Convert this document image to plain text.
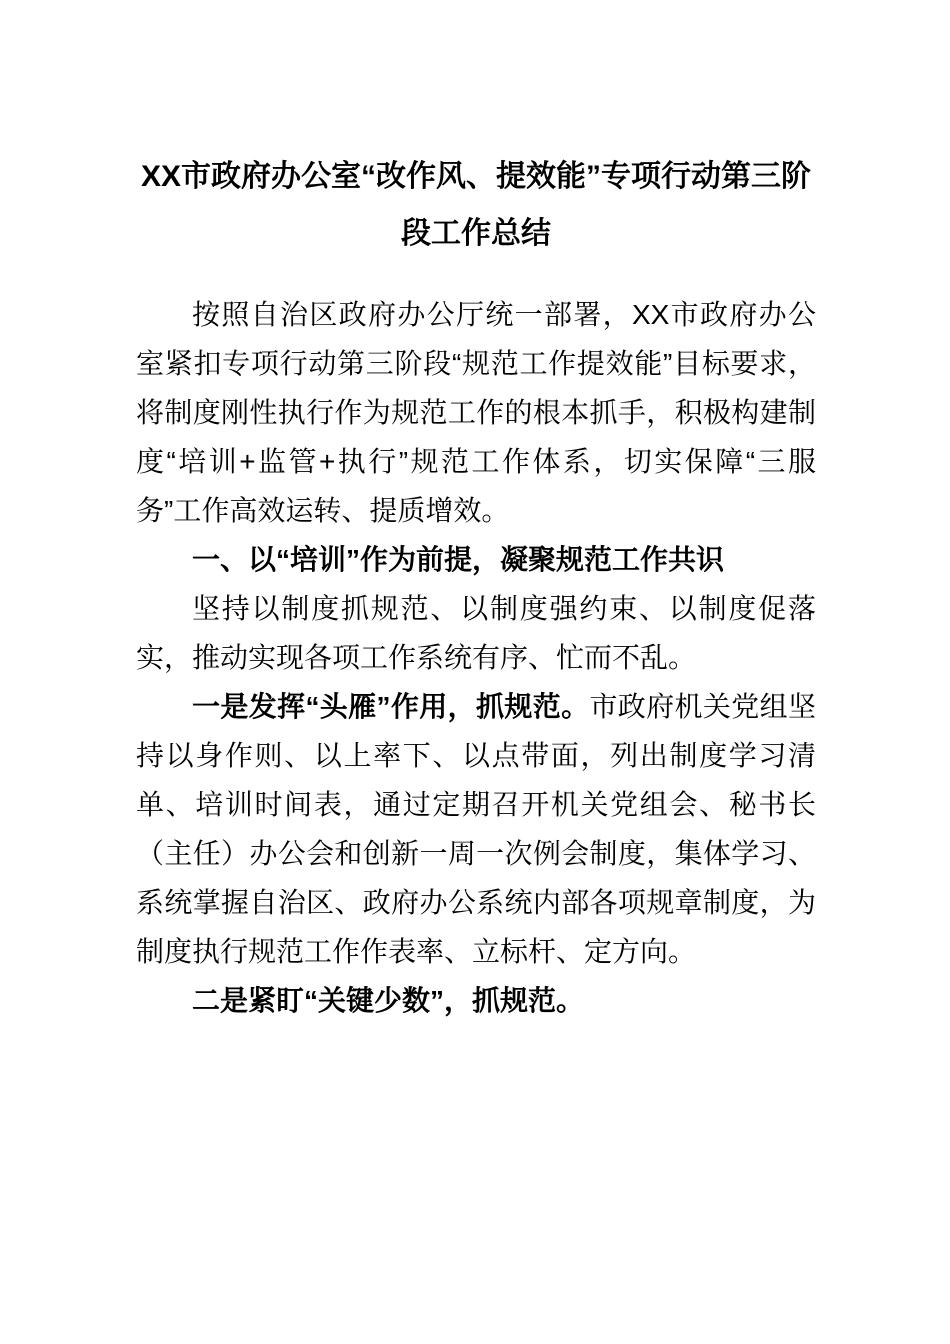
XX市政府办公室“改作风、提效能”专项行动第三阶段工作总结

按照自治区政府办公厅统一部署，XX市政府办公室紧扣专项行动第三阶段“规范工作提效能”目标要求，将制度刚性执行作为规范工作的根本抓手，积极构建制度“培训+监管+执行”规范工作体系，切实保障“三服务”工作高效运转、提质增效。

一、以“培训”作为前提，凝聚规范工作共识

坚持以制度抓规范、以制度强约束、以制度促落实，推动实现各项工作系统有序、忙而不乱。

一是发挥“头雁”作用，抓规范。市政府机关党组坚持以身作则、以上率下、以点带面，列出制度学习清单、培训时间表，通过定期召开机关党组会、秘书长（主任）办公会和创新一周一次例会制度，集体学习、系统掌握自治区、政府办公系统内部各项规章制度，为制度执行规范工作作表率、立标杆、定方向。

二是紧盯“关键少数”，抓规范。
